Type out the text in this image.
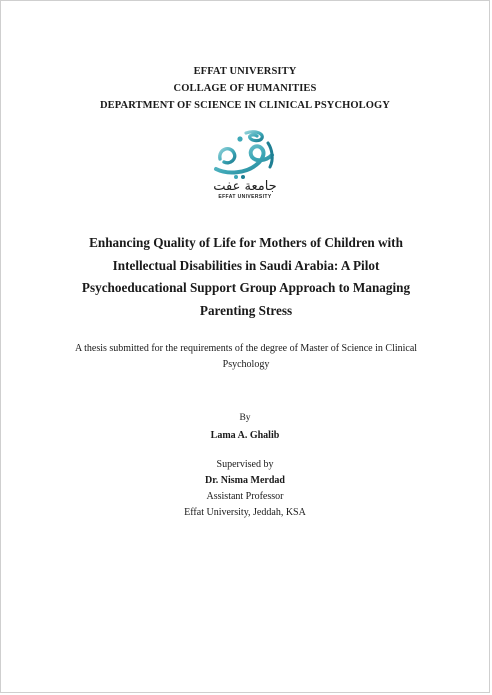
EFFAT UNIVERSITY
COLLAGE OF HUMANITIES
DEPARTMENT OF SCIENCE IN CLINICAL PSYCHOLOGY
جامعة عفت
EFFAT UNIVERSITY
Enhancing Quality of Life for Mothers of Children with
Intellectual Disabilities in Saudi Arabia: A Pilot
Psychoeducational Support Group Approach to Managing
Parenting Stress
A thesis submitted for the requirements of the degree of Master of Science in Clinical
Psychology
By
Lama A. Ghalib
Supervised by
Dr. Nisma Merdad
Assistant Professor
Effat University, Jeddah, KSA
